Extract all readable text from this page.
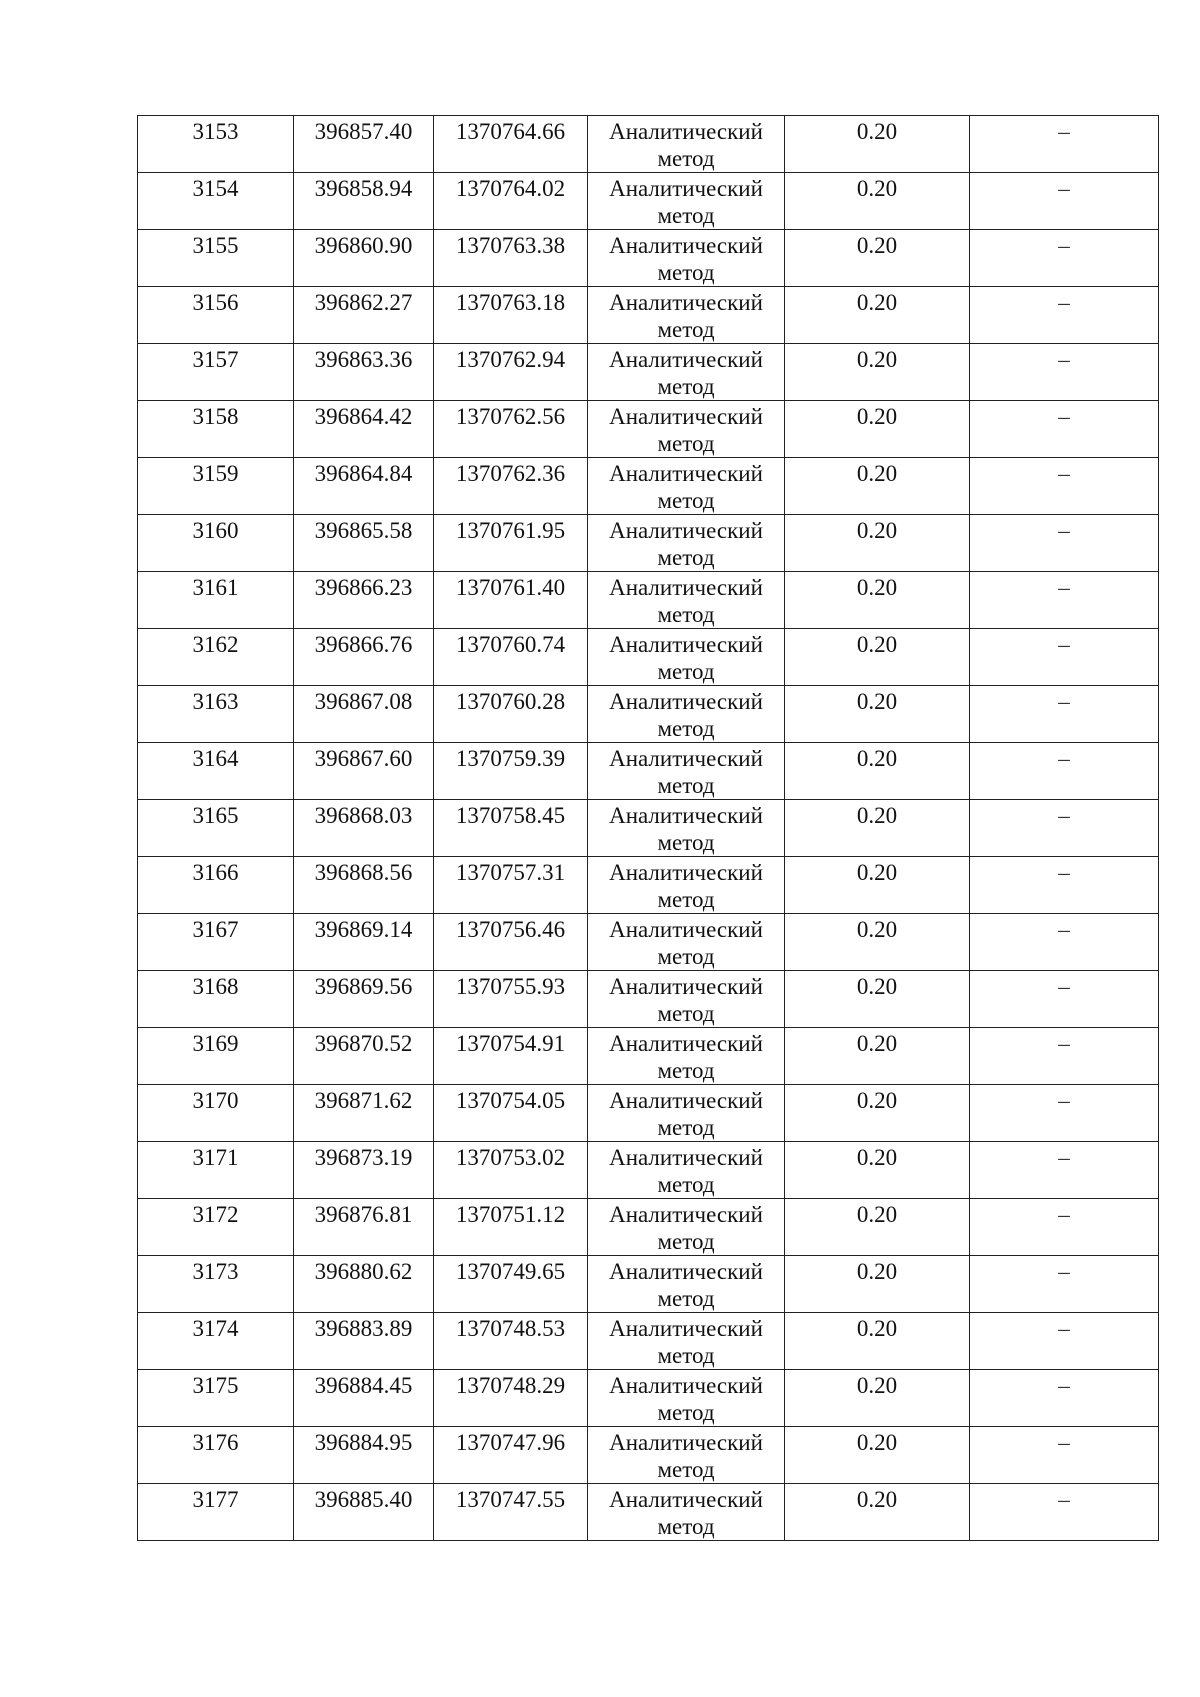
3153	396857.40	1370764.66	Аналитический метод	0.20	–

3154	396858.94	1370764.02	Аналитический метод	0.20	–

3155	396860.90	1370763.38	Аналитический метод	0.20	–

3156	396862.27	1370763.18	Аналитический метод	0.20	–

3157	396863.36	1370762.94	Аналитический метод	0.20	–

3158	396864.42	1370762.56	Аналитический метод	0.20	–

3159	396864.84	1370762.36	Аналитический метод	0.20	–

3160	396865.58	1370761.95	Аналитический метод	0.20	–

3161	396866.23	1370761.40	Аналитический метод	0.20	–

3162	396866.76	1370760.74	Аналитический метод	0.20	–

3163	396867.08	1370760.28	Аналитический метод	0.20	–

3164	396867.60	1370759.39	Аналитический метод	0.20	–

3165	396868.03	1370758.45	Аналитический метод	0.20	–

3166	396868.56	1370757.31	Аналитический метод	0.20	–

3167	396869.14	1370756.46	Аналитический метод	0.20	–

3168	396869.56	1370755.93	Аналитический метод	0.20	–

3169	396870.52	1370754.91	Аналитический метод	0.20	–

3170	396871.62	1370754.05	Аналитический метод	0.20	–

3171	396873.19	1370753.02	Аналитический метод	0.20	–

3172	396876.81	1370751.12	Аналитический метод	0.20	–

3173	396880.62	1370749.65	Аналитический метод	0.20	–

3174	396883.89	1370748.53	Аналитический метод	0.20	–

3175	396884.45	1370748.29	Аналитический метод	0.20	–

3176	396884.95	1370747.96	Аналитический метод	0.20	–

3177	396885.40	1370747.55	Аналитический метод	0.20	–
